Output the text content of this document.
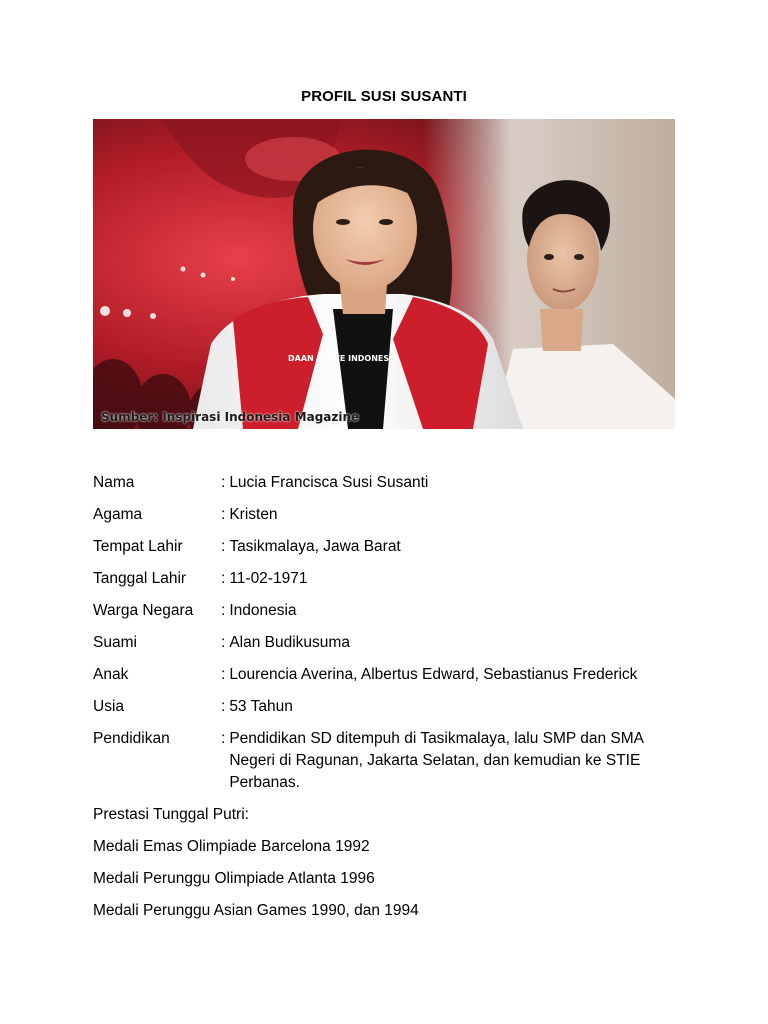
PROFIL SUSI SUSANTI
DAAN I LOVE INDONESIA
Sumber: Inspirasi Indonesia Magazine
Nama	: Lucia Francisca Susi Susanti
Agama	: Kristen
Tempat Lahir	: Tasikmalaya, Jawa Barat
Tanggal Lahir	: 11-02-1971
Warga Negara	: Indonesia
Suami	: Alan Budikusuma
Anak	: Lourencia Averina, Albertus Edward, Sebastianus Frederick
Usia	: 53 Tahun
Pendidikan	: Pendidikan SD ditempuh di Tasikmalaya, lalu SMP dan SMA Negeri di Ragunan, Jakarta Selatan, dan kemudian ke STIE Perbanas.
Prestasi Tunggal Putri:
Medali Emas Olimpiade Barcelona 1992
Medali Perunggu Olimpiade Atlanta 1996
Medali Perunggu Asian Games 1990, dan 1994
